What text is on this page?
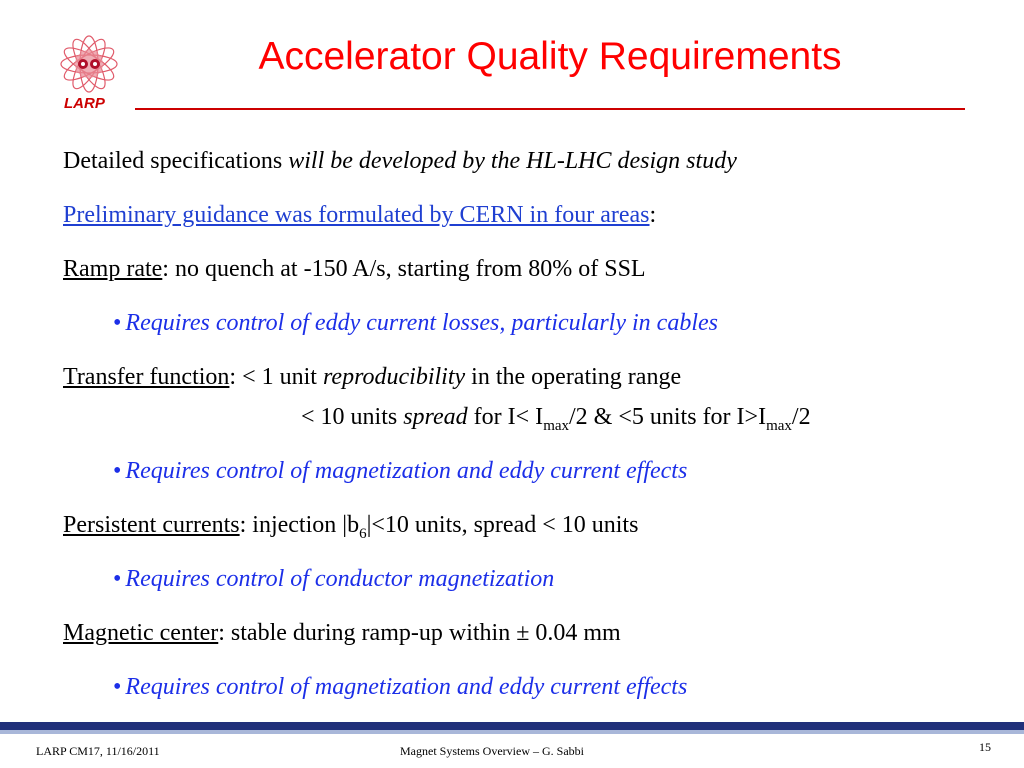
LARP
Accelerator Quality Requirements
Detailed specifications will be developed by the HL-LHC design study
Preliminary guidance was formulated by CERN in four areas:
Ramp rate: no quench at -150 A/s, starting from 80% of SSL
• Requires control of eddy current losses, particularly in cables
Transfer function: < 1 unit reproducibility in the operating range
< 10 units spread for $I< I_{max}/2$ & <5 units for $I>I_{max}/2$
• Requires control of magnetization and eddy current effects
Persistent currents: injection $|b_6|<10$ units, spread < 10 units
• Requires control of conductor magnetization
Magnetic center: stable during ramp-up within ± 0.04 mm
• Requires control of magnetization and eddy current effects
LARP CM17, 11/16/2011	Magnet Systems Overview – G. Sabbi	15
